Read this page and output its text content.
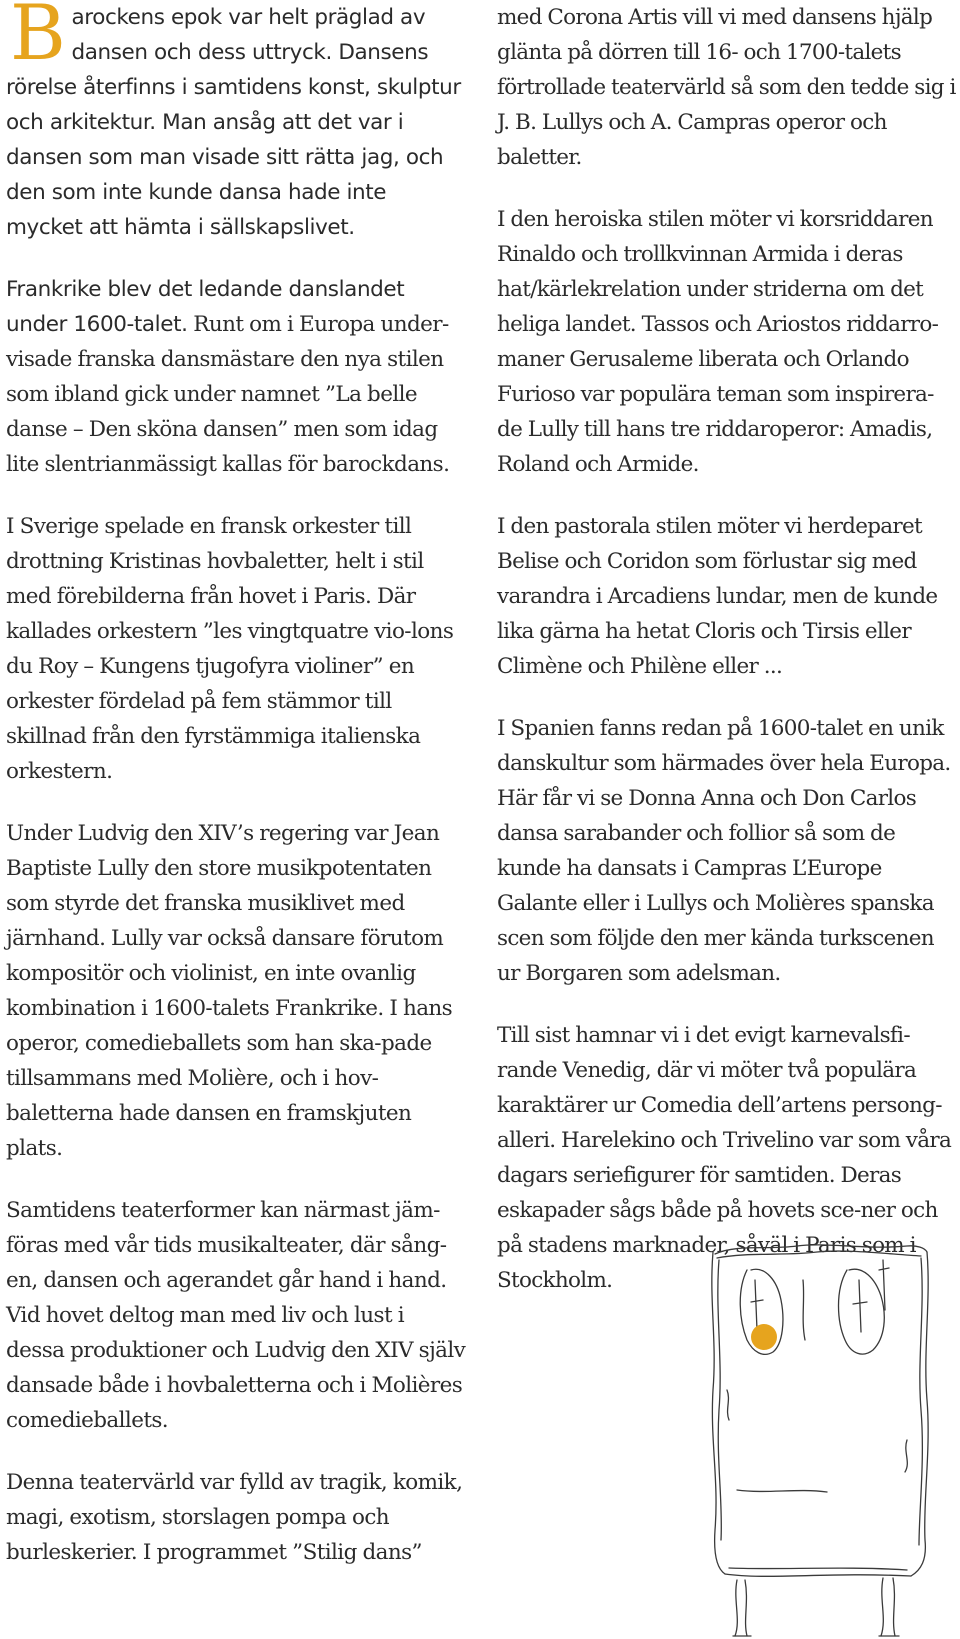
Barockens epok var helt präglad av dansen och dess uttryck. Dansens rörelse återfinns i samtidens konst, skulptur och arkitektur. Man ansåg att det var i dansen som man visade sitt rätta jag, och den som inte kunde dansa hade inte mycket att hämta i sällskapslivet.

Frankrike blev det ledande danslandet under 1600-talet. Runt om i Europa under-visade franska dansmästare den nya stilen som ibland gick under namnet ”La belle danse – Den sköna dansen” men som idag lite slentrianmässigt kallas för barockdans.

I Sverige spelade en fransk orkester till drottning Kristinas hovbaletter, helt i stil med förebilderna från hovet i Paris. Där kallades orkestern ”les vingtquatre vio-lons du Roy – Kungens tjugofyra violiner” en orkester fördelad på fem stämmor till skillnad från den fyrstämmiga italienska orkestern.

Under Ludvig den XIV’s regering var Jean Baptiste Lully den store musikpotentaten som styrde det franska musiklivet med järnhand. Lully var också dansare förutom kompositör och violinist, en inte ovanlig kombination i 1600-talets Frankrike. I hans operor, comedieballets som han ska-pade tillsammans med Molière, och i hov-baletterna hade dansen en framskjuten plats.

Samtidens teaterformer kan närmast jäm-föras med vår tids musikalteater, där sång-en, dansen och agerandet går hand i hand. Vid hovet deltog man med liv och lust i dessa produktioner och Ludvig den XIV själv dansade både i hovbaletterna och i Molières comedieballets.

Denna teatervärld var fylld av tragik, komik, magi, exotism, storslagen pompa och burleskerier. I programmet ”Stilig dans”

med Corona Artis vill vi med dansens hjälp glänta på dörren till 16- och 1700-talets förtrollade teatervärld så som den tedde sig i J. B. Lullys och A. Campras operor och baletter.

I den heroiska stilen möter vi korsriddaren Rinaldo och trollkvinnan Armida i deras hat/kärlekrelation under striderna om det heliga landet. Tassos och Ariostos riddarro-maner Gerusaleme liberata och Orlando Furioso var populära teman som inspirera-de Lully till hans tre riddaroperor: Amadis, Roland och Armide.

I den pastorala stilen möter vi herdeparet Belise och Coridon som förlustar sig med varandra i Arcadiens lundar, men de kunde lika gärna ha hetat Cloris och Tirsis eller Climène och Philène eller ...

I Spanien fanns redan på 1600-talet en unik danskultur som härmades över hela Europa. Här får vi se Donna Anna och Don Carlos dansa sarabander och follior så som de kunde ha dansats i Campras L’Europe Galante eller i Lullys och Molières spanska scen som följde den mer kända turkscenen ur Borgaren som adelsman.

Till sist hamnar vi i det evigt karnevalsfi-rande Venedig, där vi möter två populära karaktärer ur Comedia dell’artens persong-alleri. Harelekino och Trivelino var som våra dagars seriefigurer för samtiden. Deras eskapader sågs både på hovets sce-ner och på stadens marknader, såväl i Paris som i Stockholm.
